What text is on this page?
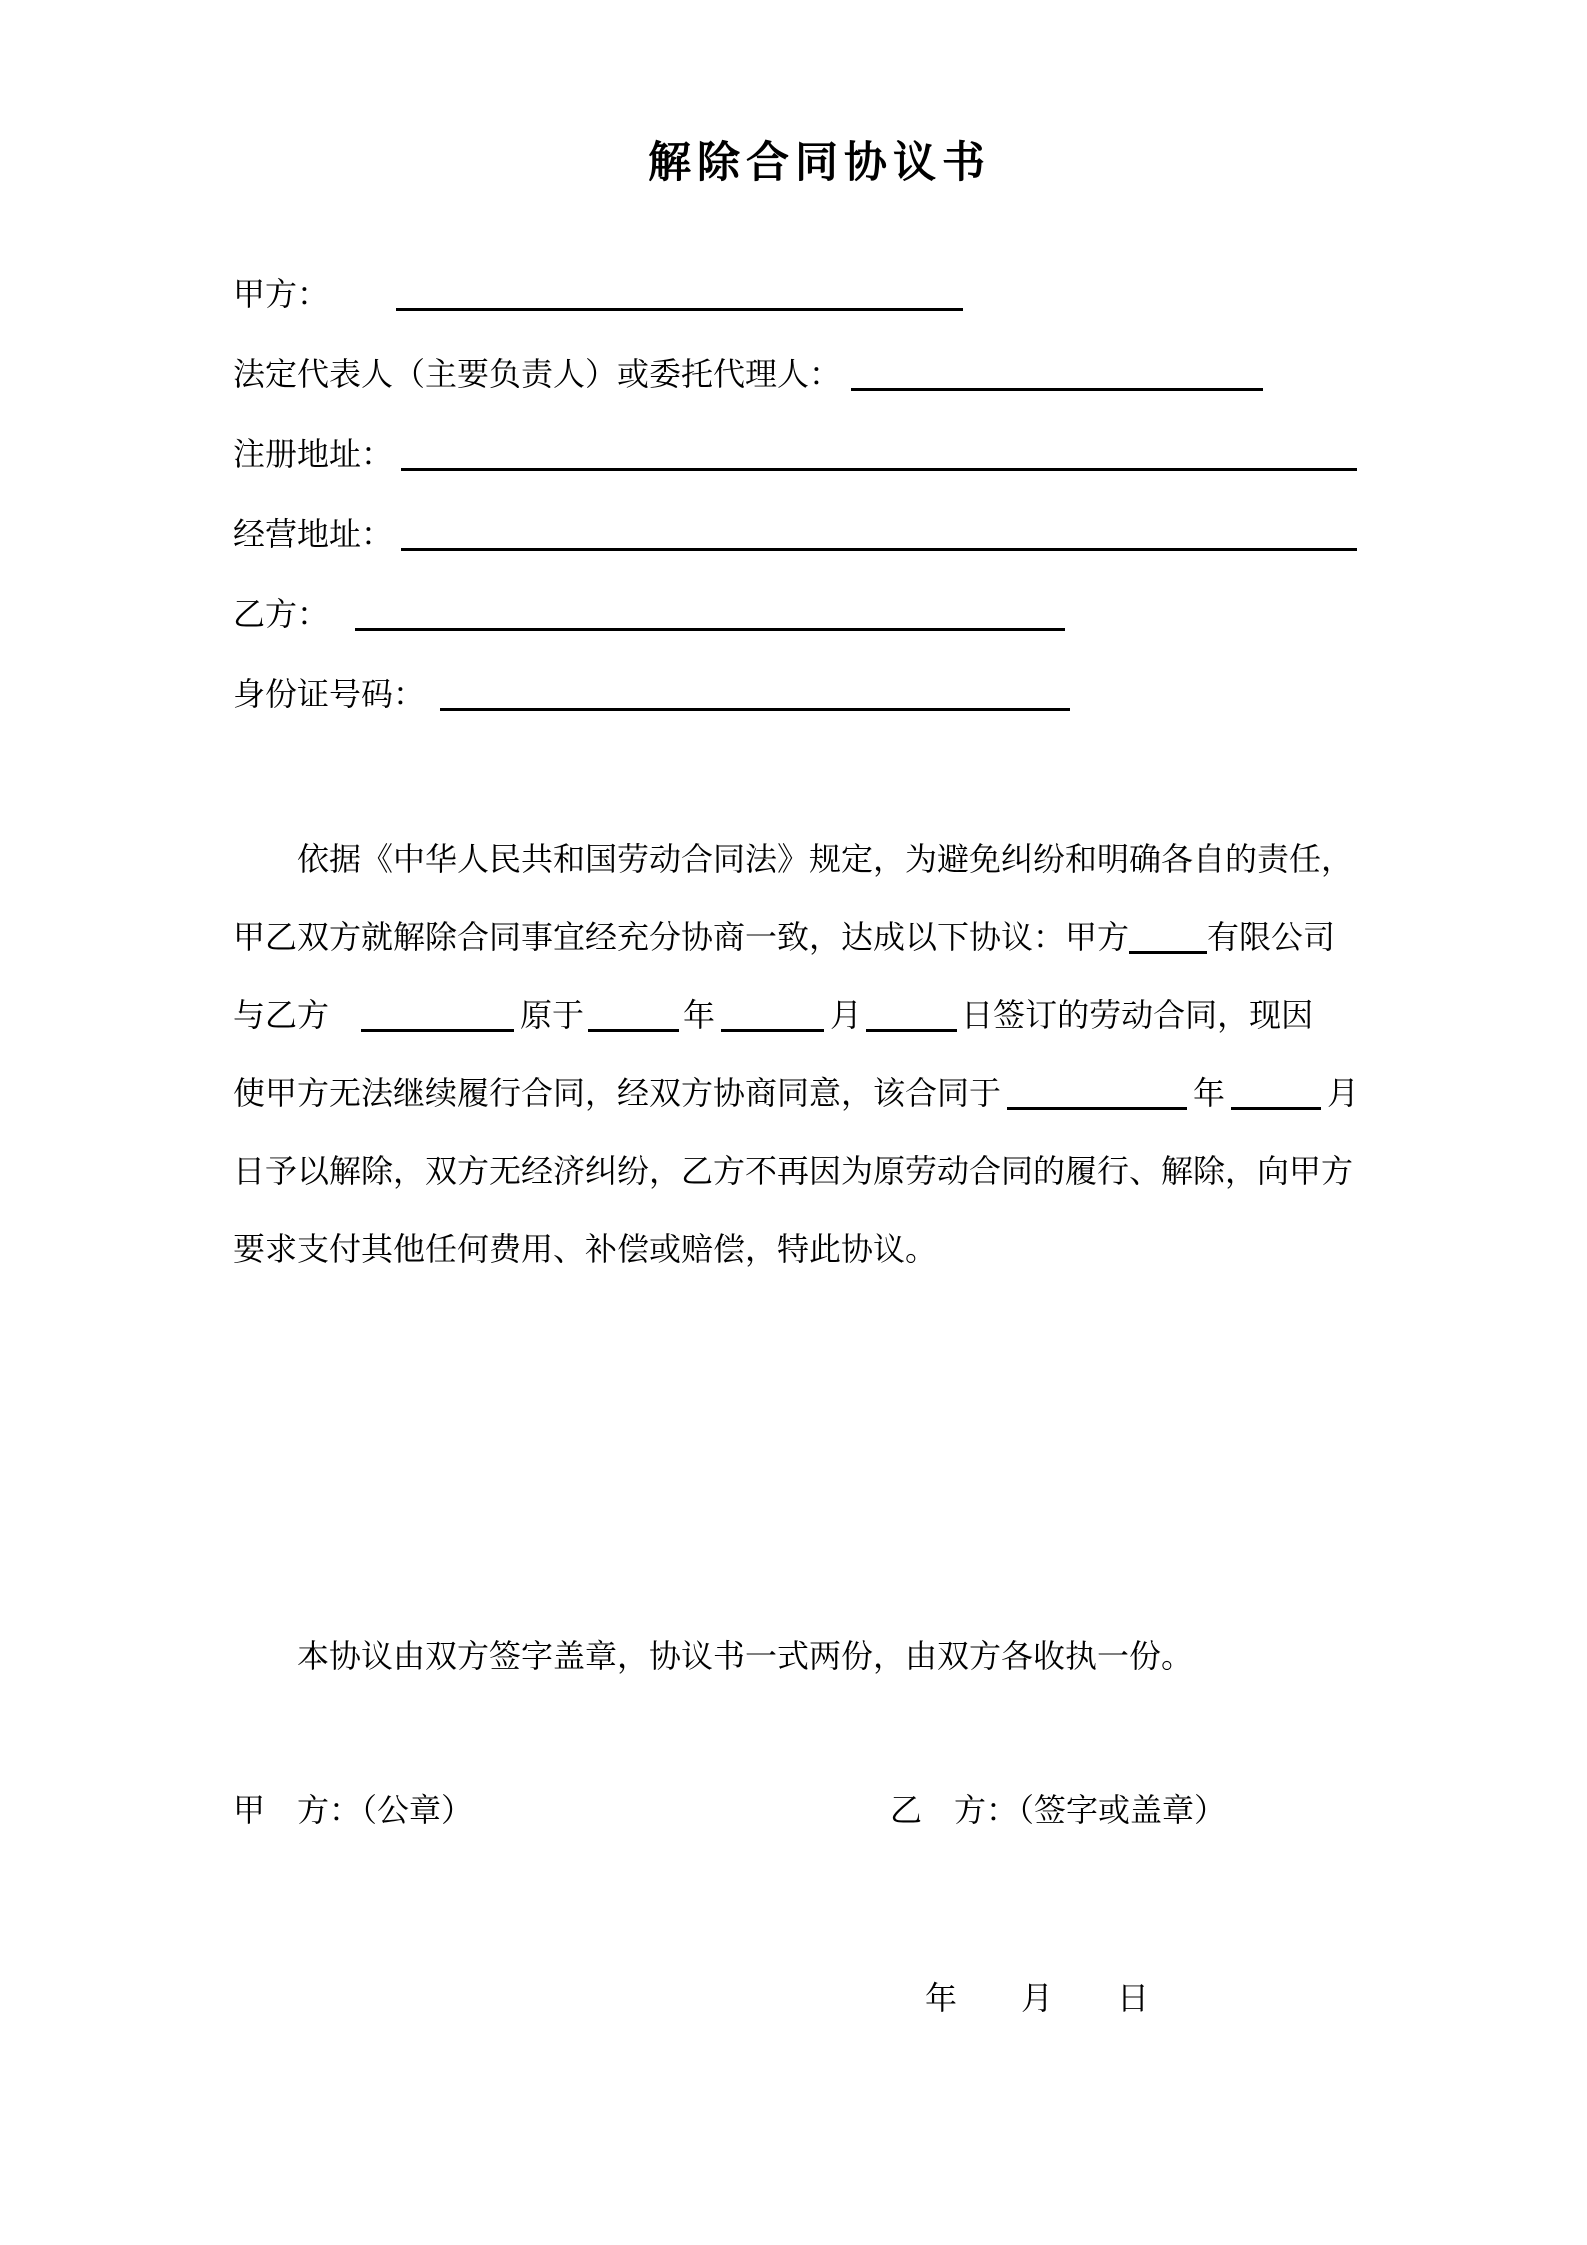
解除合同协议书
甲方：
法定代表人（主要负责人）或委托代理人：
注册地址：
经营地址：
乙方：
身份证号码：
依据《中华人民共和国劳动合同法》规定，为避免纠纷和明确各自的责任，
甲乙双方就解除合同事宜经充分协商一致，达成以下协议：甲方 有限公司
与乙方	原于	年	月	日签订的劳动合同，现因
使甲方无法继续履行合同，经双方协商同意，该合同于	年	月
日予以解除，双方无经济纠纷，乙方不再因为原劳动合同的履行、解除，向甲方
要求支付其他任何费用、补偿或赔偿，特此协议。
本协议由双方签字盖章，协议书一式两份，由双方各收执一份。
甲　方：（公章）	乙　方：（签字或盖章）
年　　月　　日
